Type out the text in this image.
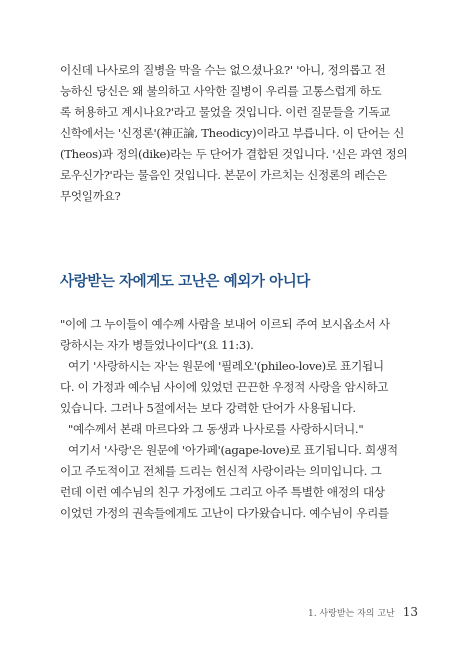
이신데 나사로의 질병을 막을 수는 없으셨나요?' '아니, 정의롭고 전
능하신 당신은 왜 불의하고 사악한 질병이 우리를 고통스럽게 하도
록 허용하고 계시나요?'라고 물었을 것입니다. 이런 질문들을 기독교
신학에서는 '신정론'(神正論, Theodicy)이라고 부릅니다. 이 단어는 신
(Theos)과 정의(dike)라는 두 단어가 결합된 것입니다. '신은 과연 정의
로우신가?'라는 물음인 것입니다. 본문이 가르치는 신정론의 레슨은
무엇일까요?
사랑받는 자에게도 고난은 예외가 아니다
"이에 그 누이들이 예수께 사람을 보내어 이르되 주여 보시옵소서 사
랑하시는 자가 병들었나이다"(요 11:3).
여기 '사랑하시는 자'는 원문에 '필레오'(phileo-love)로 표기됩니
다. 이 가정과 예수님 사이에 있었던 끈끈한 우정적 사랑을 암시하고
있습니다. 그러나 5절에서는 보다 강력한 단어가 사용됩니다.
"예수께서 본래 마르다와 그 동생과 나사로를 사랑하시더니."
여기서 '사랑'은 원문에 '아가페'(agape-love)로 표기됩니다. 희생적
이고 주도적이고 전체를 드리는 헌신적 사랑이라는 의미입니다. 그
런데 이런 예수님의 친구 가정에도 그리고 아주 특별한 애정의 대상
이었던 가정의 권속들에게도 고난이 다가왔습니다. 예수님이 우리를
1. 사랑받는 자의 고난 13
